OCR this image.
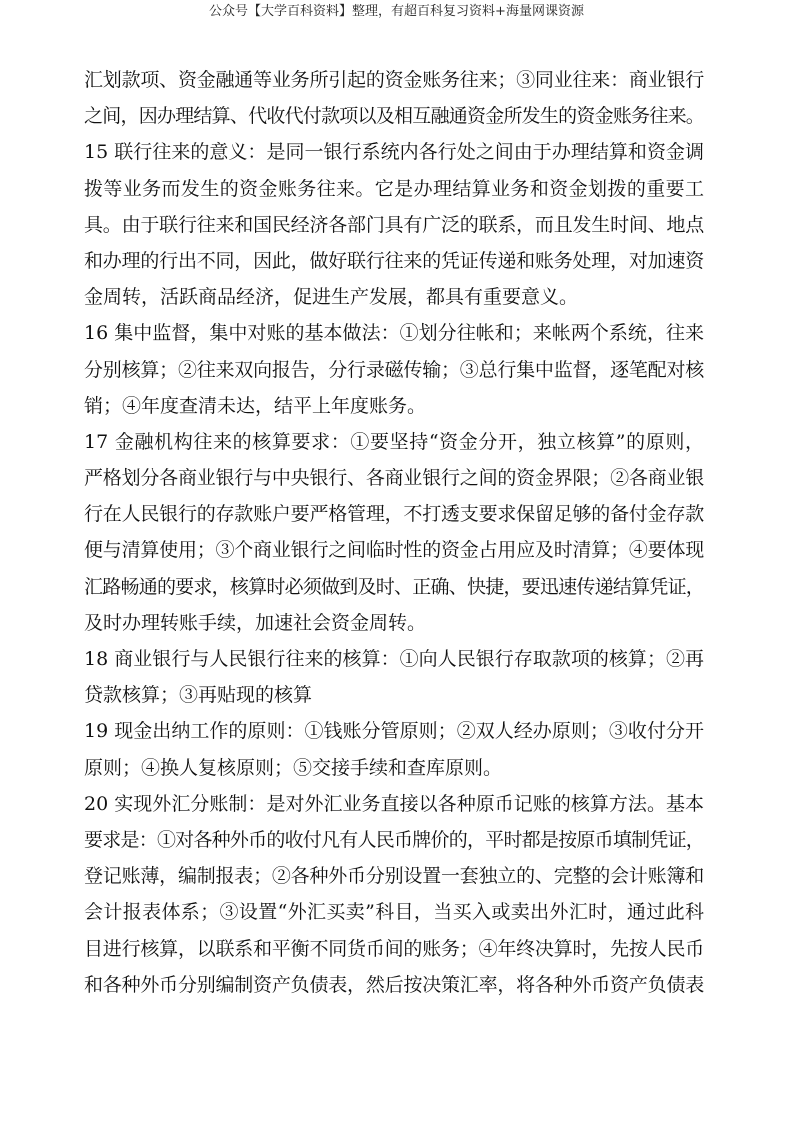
公众号【大学百科资料】整理，有超百科复习资料+海量网课资源
汇划款项、资金融通等业务所引起的资金账务往来；③同业往来：商业银行
之间，因办理结算、代收代付款项以及相互融通资金所发生的资金账务往来。
15 联行往来的意义：是同一银行系统内各行处之间由于办理结算和资金调
拨等业务而发生的资金账务往来。它是办理结算业务和资金划拨的重要工
具。由于联行往来和国民经济各部门具有广泛的联系，而且发生时间、地点
和办理的行出不同，因此，做好联行往来的凭证传递和账务处理，对加速资
金周转，活跃商品经济，促进生产发展，都具有重要意义。
16 集中监督，集中对账的基本做法：①划分往帐和；来帐两个系统，往来
分别核算；②往来双向报告，分行录磁传输；③总行集中监督，逐笔配对核
销；④年度查清未达，结平上年度账务。
17 金融机构往来的核算要求：①要坚持“资金分开，独立核算”的原则，
严格划分各商业银行与中央银行、各商业银行之间的资金界限；②各商业银
行在人民银行的存款账户要严格管理，不打透支要求保留足够的备付金存款
便与清算使用；③个商业银行之间临时性的资金占用应及时清算；④要体现
汇路畅通的要求，核算时必须做到及时、正确、快捷，要迅速传递结算凭证，
及时办理转账手续，加速社会资金周转。
18 商业银行与人民银行往来的核算：①向人民银行存取款项的核算；②再
贷款核算；③再贴现的核算
19 现金出纳工作的原则：①钱账分管原则；②双人经办原则；③收付分开
原则；④换人复核原则；⑤交接手续和查库原则。
20 实现外汇分账制：是对外汇业务直接以各种原币记账的核算方法。基本
要求是：①对各种外币的收付凡有人民币牌价的，平时都是按原币填制凭证，
登记账薄，编制报表；②各种外币分别设置一套独立的、完整的会计账簿和
会计报表体系；③设置“外汇买卖”科目，当买入或卖出外汇时，通过此科
目进行核算，以联系和平衡不同货币间的账务；④年终决算时，先按人民币
和各种外币分别编制资产负债表，然后按决策汇率，将各种外币资产负债表
